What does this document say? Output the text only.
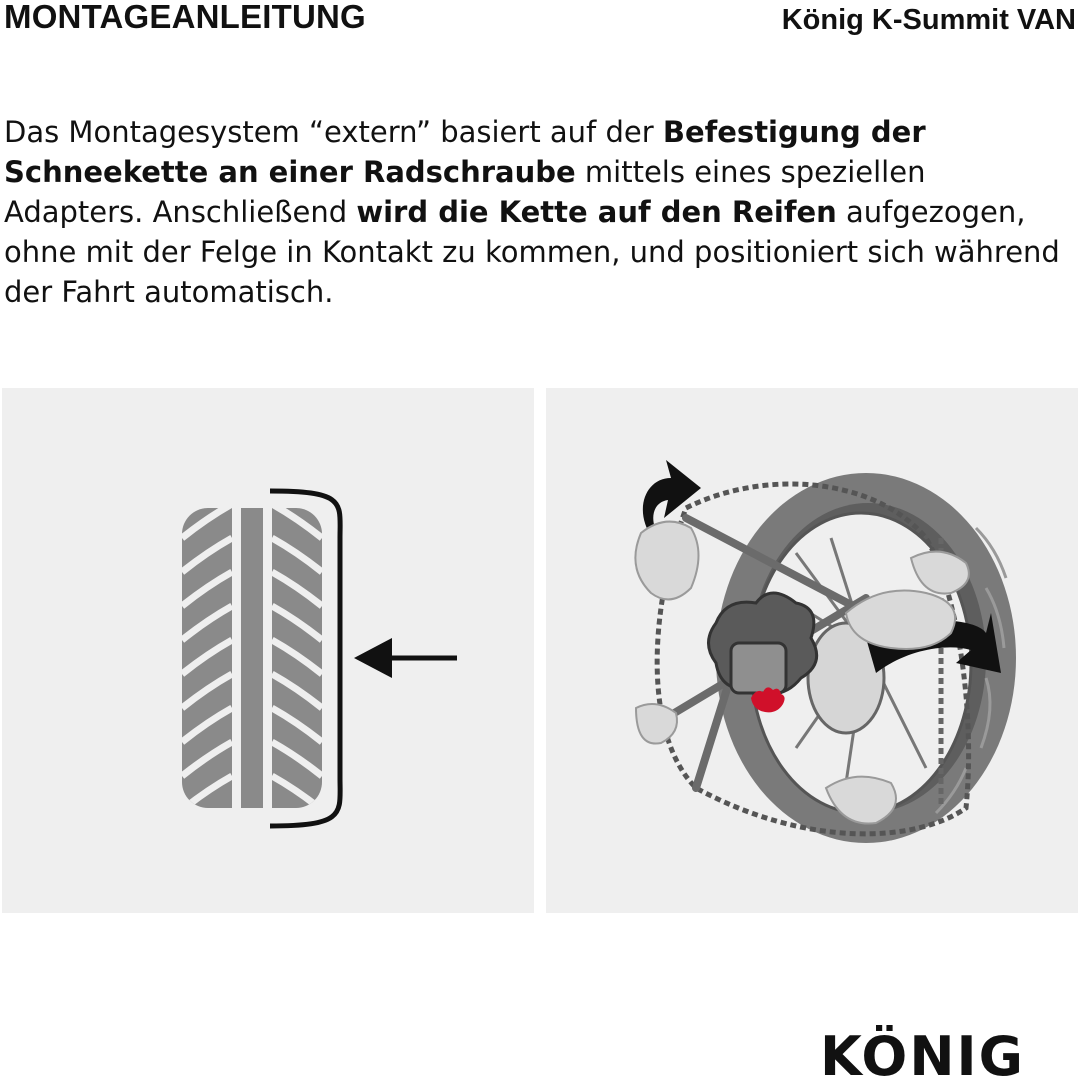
MONTAGEANLEITUNG	König K-Summit VAN

Das Montagesystem “extern” basiert auf der Befestigung der Schneekette an einer Radschraube mittels eines speziellen Adapters. Anschließend wird die Kette auf den Reifen aufgezogen, ohne mit der Felge in Kontakt zu kommen, und positioniert sich während der Fahrt automatisch.

KÖNIG
